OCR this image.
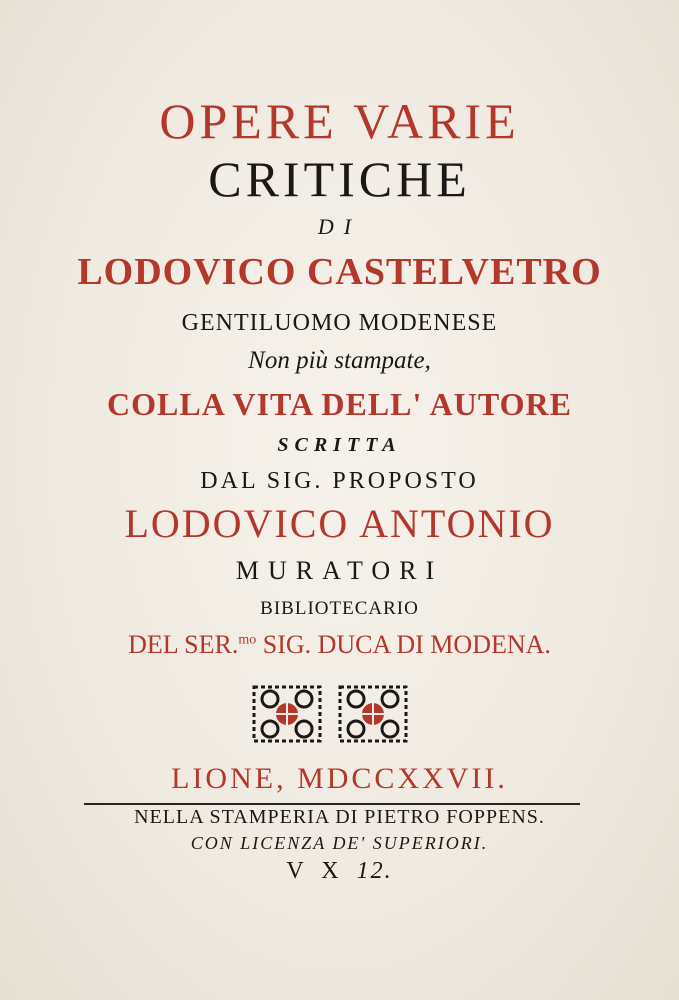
OPERE VARIE

CRITICHE

DI

LODOVICO CASTELVETRO

GENTILUOMO MODENESE

Non più stampate,

COLLA VITA DELL' AUTORE

SCRITTA

DAL SIG. PROPOSTO

LODOVICO ANTONIO

MURATORI

BIBLIOTECARIO

DEL SER.$^{mo}$ SIG. DUCA DI MODENA.

LIONE, MDCCXXVII.

NELLA STAMPERIA DI PIETRO FOPPENS.

CON LICENZA DE' SUPERIORI.

V X 12.
